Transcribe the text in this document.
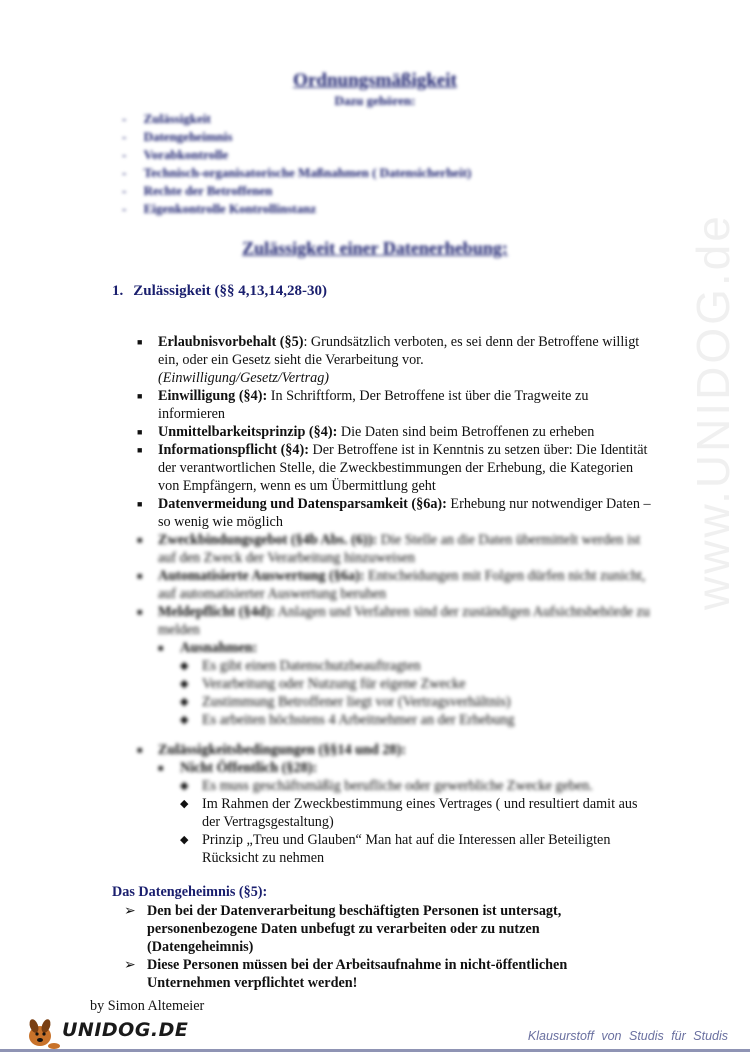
www.UNIDOG.de
Ordnungsmäßigkeit
Dazu gehören:
- Zulässigkeit
- Datengeheimnis
- Vorabkontrolle
- Technisch-organisatorische Maßnahmen ( Datensicherheit)
- Rechte der Betroffenen
- Eigenkontrolle Kontrollinstanz
Zulässigkeit einer Datenerhebung:
1. Zulässigkeit (§§ 4,13,14,28-30)
■ Erlaubnisvorbehalt (§5): Grundsätzlich verboten, es sei denn der Betroffene willigt ein, oder ein Gesetz sieht die Verarbeitung vor.
(Einwilligung/Gesetz/Vertrag)
■ Einwilligung (§4): In Schriftform, Der Betroffene ist über die Tragweite zu informieren
■ Unmittelbarkeitsprinzip (§4): Die Daten sind beim Betroffenen zu erheben
■ Informationspflicht (§4): Der Betroffene ist in Kenntnis zu setzen über: Die Identität der verantwortlichen Stelle, die Zweckbestimmungen der Erhebung, die Kategorien von Empfängern, wenn es um Übermittlung geht
■ Datenvermeidung und Datensparsamkeit (§6a): Erhebung nur notwendiger Daten – so wenig wie möglich
■ Zweckbindungsgebot (§4b Abs. (6)): Die Stelle an die Daten übermittelt werden ist auf den Zweck der Verarbeitung hinzuweisen
■ Automatisierte Auswertung (§6a): Entscheidungen mit Folgen dürfen nicht zunicht, auf automatisierter Auswertung beruhen
■ Meldepflicht (§4d): Anlagen und Verfahren sind der zuständigen Aufsichtsbehörde zu melden
■ Ausnahmen:
◆ Es gibt einen Datenschutzbeauftragten
◆ Verarbeitung oder Nutzung für eigene Zwecke
◆ Zustimmung Betroffener liegt vor (Vertragsverhältnis)
◆ Es arbeiten höchstens 4 Arbeitnehmer an der Erhebung
■ Zulässigkeitsbedingungen (§§14 und 28):
■ Nicht Öffentlich (§28):
◆ Es muss geschäftsmäßig berufliche oder gewerbliche Zwecke geben.
◆ Im Rahmen der Zweckbestimmung eines Vertrages ( und resultiert damit aus der Vertragsgestaltung)
◆ Prinzip „Treu und Glauben“ Man hat auf die Interessen aller Beteiligten Rücksicht zu nehmen
Das Datengeheimnis (§5):
➢ Den bei der Datenverarbeitung beschäftigten Personen ist untersagt, personenbezogene Daten unbefugt zu verarbeiten oder zu nutzen (Datengeheimnis)
➢ Diese Personen müssen bei der Arbeitsaufnahme in nicht-öffentlichen Unternehmen verpflichtet werden!
by Simon Altemeier
UNIDOG.DE	Klausurstoff von Studis für Studis
